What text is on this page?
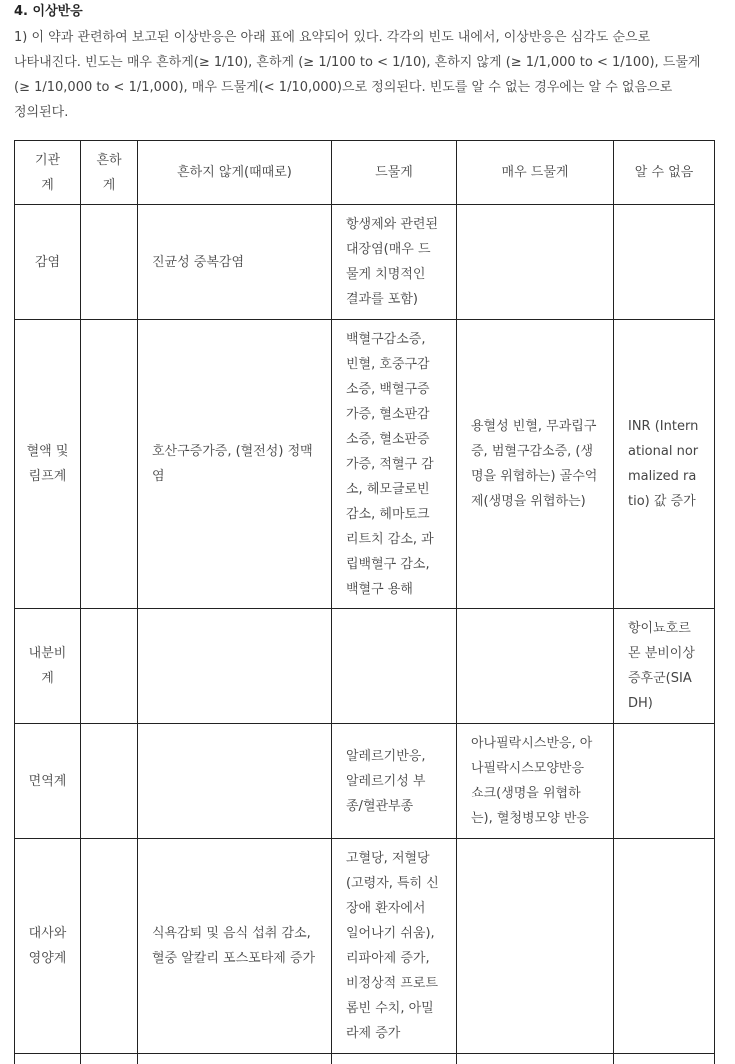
4. 이상반응

1) 이 약과 관련하여 보고된 이상반응은 아래 표에 요약되어 있다. 각각의 빈도 내에서, 이상반응은 심각도 순으로 나타내진다. 빈도는 매우 흔하게(≥ 1/10), 흔하게 (≥ 1/100 to < 1/10), 흔하지 않게 (≥ 1/1,000 to < 1/100), 드물게 (≥ 1/10,000 to < 1/1,000), 매우 드물게(< 1/10,000)으로 정의된다. 빈도를 알 수 없는 경우에는 알 수 없음으로 정의된다.

기관계	흔하게	흔하지 않게(때때로)	드물게	매우 드물게	알 수 없음
감염		진균성 중복감염	항생제와 관련된 대장염(매우 드물게 치명적인 결과를 포함)		
혈액 및 림프계		호산구증가증, (혈전성) 정맥염	백혈구감소증, 빈혈, 호중구감소증, 백혈구증가증, 혈소판감소증, 혈소판증가증, 적혈구 감소, 헤모글로빈 감소, 헤마토크리트치 감소, 과립백혈구 감소, 백혈구 용해	용혈성 빈혈, 무과립구증, 범혈구감소증, (생명을 위협하는) 골수억제(생명을 위협하는)	INR (International normalized ratio) 값 증가
내분비계					항이뇨호르몬 분비이상증후군(SIADH)
면역계			알레르기반응, 알레르기성 부종/혈관부종	아나필락시스반응, 아나필락시스모양반응 쇼크(생명을 위협하는), 혈청병모양 반응	
대사와 영양계		식욕감퇴 및 음식 섭취 감소, 혈중 알칼리 포스포타제 증가	고혈당, 저혈당(고령자, 특히 신장애 환자에서 일어나기 쉬움), 리파아제 증가, 비정상적 프로트롬빈 수치, 아밀라제 증가		
